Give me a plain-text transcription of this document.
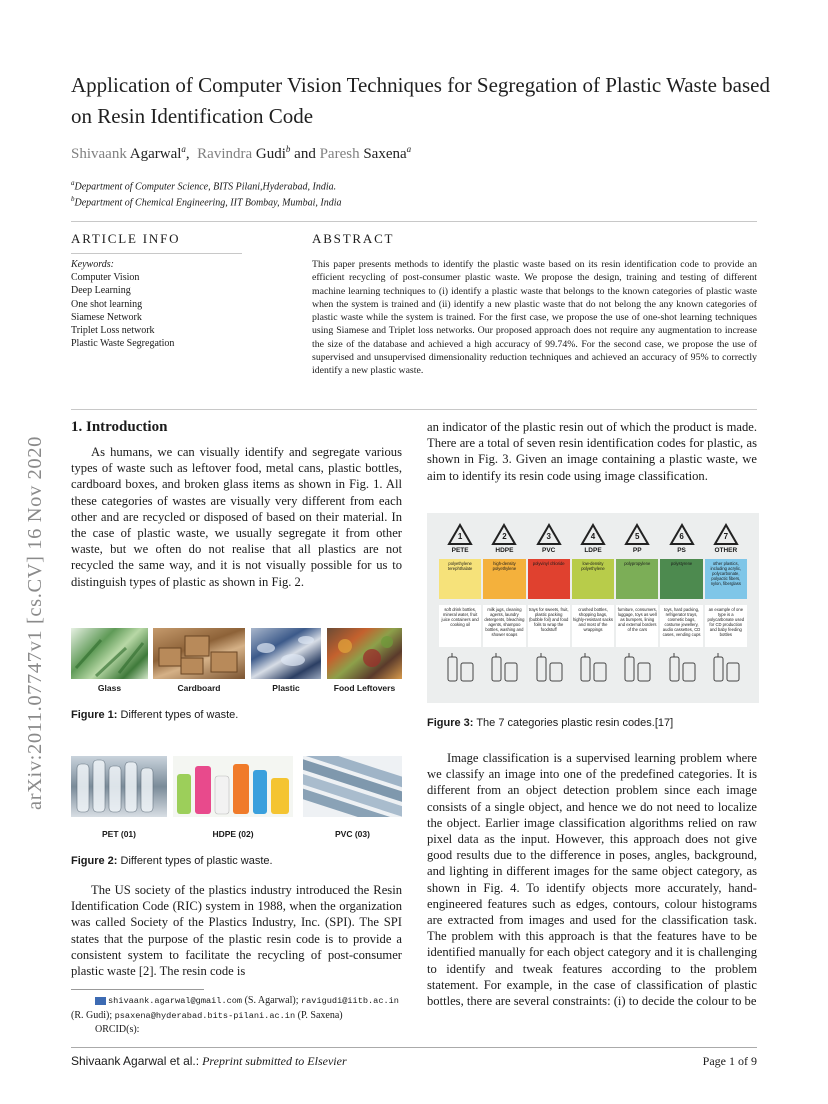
arXiv:2011.07747v1 [cs.CV] 16 Nov 2020
Application of Computer Vision Techniques for Segregation of Plastic Waste based on Resin Identification Code
Shivaank Agarwal$^a$,  Ravindra Gudi$^b$ and Paresh Saxena$^a$
$^a$Department of Computer Science, BITS Pilani,Hyderabad, India.
$^b$Department of Chemical Engineering, IIT Bombay, Mumbai, India
ARTICLE INFO
Keywords:
Computer Vision
Deep Learning
One shot learning
Siamese Network
Triplet Loss network
Plastic Waste Segregation
ABSTRACT
This paper presents methods to identify the plastic waste based on its resin identification code to provide an efficient recycling of post-consumer plastic waste. We propose the design, training and testing of different machine learning techniques to (i) identify a plastic waste that belongs to the known categories of plastic waste when the system is trained and (ii) identify a new plastic waste that do not belong the any known categories of plastic waste while the system is trained. For the first case, we propose the use of one-shot learning techniques using Siamese and Triplet loss networks. Our proposed approach does not require any augmentation to increase the size of the database and achieved a high accuracy of 99.74%. For the second case, we propose the use of supervised and unsupervised dimensionality reduction techniques and achieved an accuracy of 95% to correctly identify a new plastic waste.
1. Introduction

As humans, we can visually identify and segregate various types of waste such as leftover food, metal cans, plastic bottles, cardboard boxes, and broken glass items as shown in Fig. 1. All these categories of wastes are visually very different from each other and are recycled or disposed of based on their material. In the case of plastic waste, we usually segregate it from other waste, but we often do not realise that all plastics are not recycled the same way, and it is not visually possible for us to distinguish types of plastic as shown in Fig. 2.

Glass	Cardboard	Plastic	Food Leftovers
Figure 1: Different types of waste.
PET (01)	HDPE (02)	PVC (03)
Figure 2: Different types of plastic waste.

The US society of the plastics industry introduced the Resin Identification Code (RIC) system in 1988, when the organization was called Society of the Plastics Industry, Inc. (SPI). The SPI states that the purpose of the plastic resin code is to provide a consistent system to facilitate the recycling of post-consumer plastic waste [2]. The resin code is

shivaank.agarwal@gmail.com (S. Agarwal); ravigudi@iitb.ac.in
(R. Gudi); psaxena@hyderabad.bits-pilani.ac.in (P. Saxena)
ORCID(s):

an indicator of the plastic resin out of which the product is made. There are a total of seven resin identification codes for plastic, as shown in Fig. 3. Given an image containing a plastic waste, we aim to identify its resin code using image classification.

1
PETE
polyethylene terephthalate
soft drink bottles, mineral water, fruit juice containers and cooking oil
2
HDPE
high-density polyethylene
milk jugs, cleaning agents, laundry detergents, bleaching agents, shampoo bottles, washing and shower soaps
3
PVC
polyvinyl chloride
trays for sweets, fruit, plastic packing (bubble foil) and food foils to wrap the foodstuff
4
LDPE
low-density polyethylene
crushed bottles, shopping bags, highly-resistant sacks and most of the wrappings
5
PP
polypropylene
furniture, consumers, luggage, toys as well as bumpers, lining and external borders of the cars
6
PS
polystyrene
toys, hard packing, refrigerator trays, cosmetic bags, costume jewellery, audio cassettes, CD cases, vending cups
7
OTHER
other plastics, including acrylic, polycarbonate, polyactic fibers, nylon, fiberglass
an example of one type is a polycarbonate used for CD production and baby feeding bottles
Figure 3: The 7 categories plastic resin codes.[17]

Image classification is a supervised learning problem where we classify an image into one of the predefined categories. It is different from an object detection problem since each image consists of a single object, and hence we do not need to localize the object. Earlier image classification algorithms relied on raw pixel data as the input. However, this approach does not give good results due to the difference in poses, angles, background, and lighting in different images for the same object category, as shown in Fig. 4. To identify objects more accurately, hand-engineered features such as edges, contours, colour histograms are extracted from images and used for the classification task. The problem with this approach is that the features have to be identified manually for each object category and it is challenging to identify and tweak features according to the problem statement. For example, in the case of classification of plastic bottles, there are several constraints: (i) to decide the colour to be

Shivaank Agarwal et al.: Preprint submitted to Elsevier	Page 1 of 9
